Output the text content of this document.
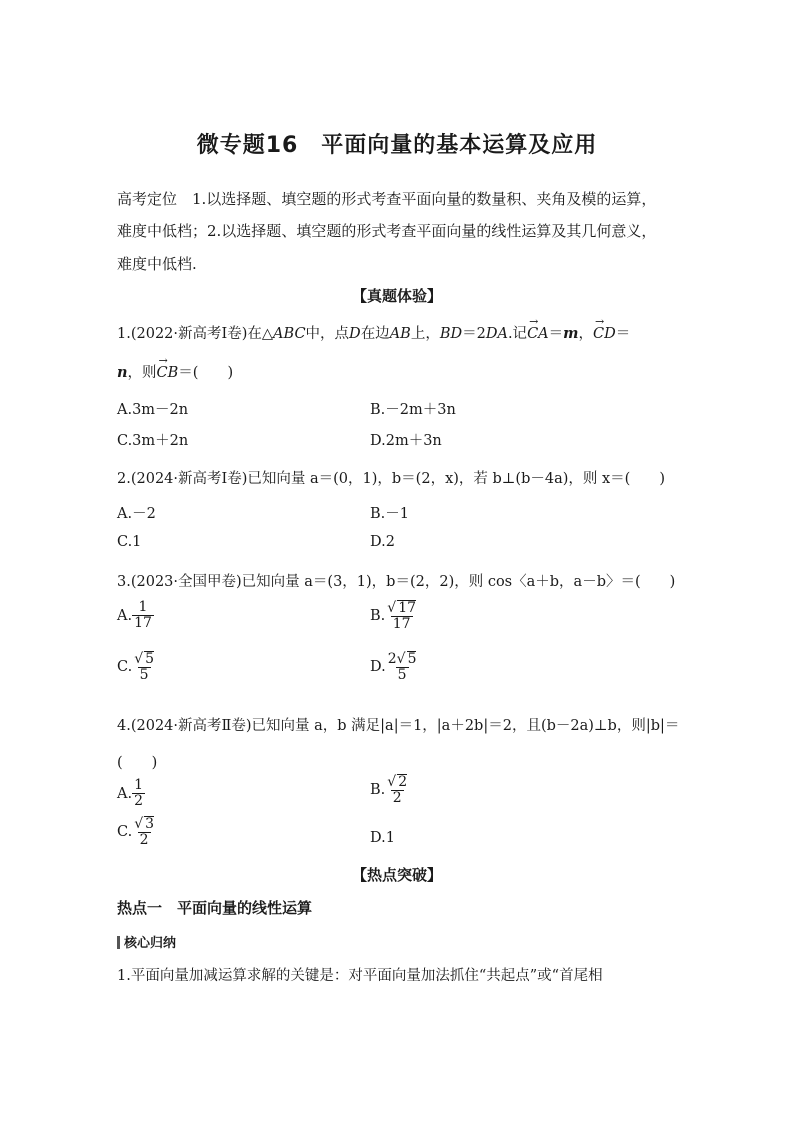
微专题16　平面向量的基本运算及应用
高考定位　1.以选择题、填空题的形式考查平面向量的数量积、夹角及模的运算，
难度中低档；2.以选择题、填空题的形式考查平面向量的线性运算及其几何意义，
难度中低档.
【真题体验】
1.(2022·新高考Ⅰ卷)在△ABC中，点D在边AB上，BD＝2DA.记→ CA＝m，→ CD＝
n，则→ CB＝(　　)
A.3m－2n	B.－2m＋3n
C.3m＋2n	D.2m＋3n
2.(2024·新高考Ⅰ卷)已知向量 a＝(0，1)，b＝(2，x)，若 b⊥(b－4a)，则 x＝(　　)
A.－2	B.－1
C.1	D.2
3.(2023·全国甲卷)已知向量 a＝(3，1)，b＝(2，2)，则 cos〈a＋b，a－b〉＝(　　)
A. $\frac{1}{17}$	B. $\frac{√ 17}{17}$
C. $\frac{√ 5}{5}$	D. $\frac{2√ 5}{5}$
4.(2024·新高考Ⅱ卷)已知向量 a，b 满足|a|＝1，|a＋2b|＝2，且(b－2a)⊥b，则|b|＝
(　　)
A. $\frac{1}{2}$	B. $\frac{√ 2}{2}$
C. $\frac{√ 3}{2}$	D.1
【热点突破】
热点一　平面向量的线性运算
核心归纳
1.平面向量加减运算求解的关键是：对平面向量加法抓住“共起点”或“首尾相
